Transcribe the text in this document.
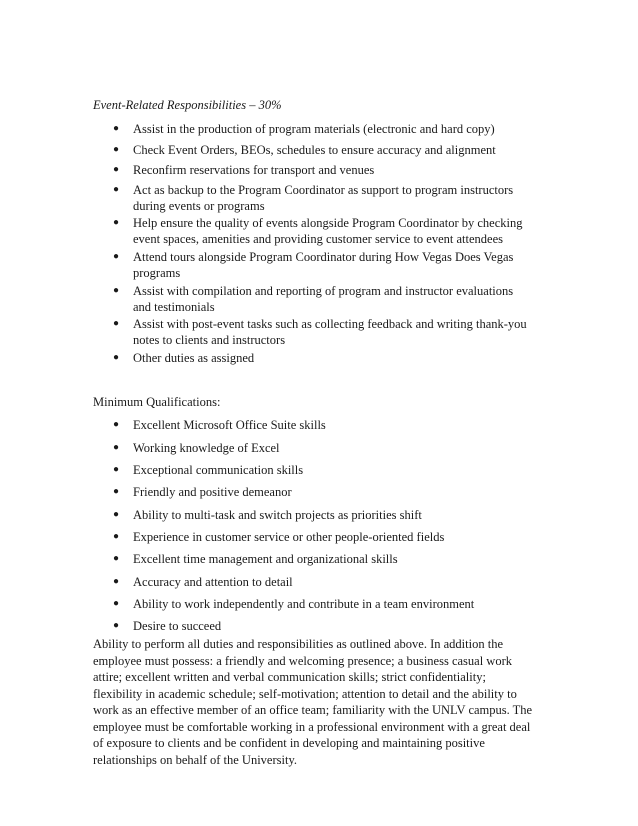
Event-Related Responsibilities – 30%
● Assist in the production of program materials (electronic and hard copy)
● Check Event Orders, BEOs, schedules to ensure accuracy and alignment
● Reconfirm reservations for transport and venues
● Act as backup to the Program Coordinator as support to program instructors during events or programs
● Help ensure the quality of events alongside Program Coordinator by checking event spaces, amenities and providing customer service to event attendees
● Attend tours alongside Program Coordinator during How Vegas Does Vegas programs
● Assist with compilation and reporting of program and instructor evaluations and testimonials
● Assist with post-event tasks such as collecting feedback and writing thank-you notes to clients and instructors
● Other duties as assigned
Minimum Qualifications:
● Excellent Microsoft Office Suite skills
● Working knowledge of Excel
● Exceptional communication skills
● Friendly and positive demeanor
● Ability to multi-task and switch projects as priorities shift
● Experience in customer service or other people-oriented fields
● Excellent time management and organizational skills
● Accuracy and attention to detail
● Ability to work independently and contribute in a team environment
● Desire to succeed

Ability to perform all duties and responsibilities as outlined above. In addition the employee must possess: a friendly and welcoming presence; a business casual work attire; excellent written and verbal communication skills; strict confidentiality; flexibility in academic schedule; self-motivation; attention to detail and the ability to work as an effective member of an office team; familiarity with the UNLV campus. The employee must be comfortable working in a professional environment with a great deal of exposure to clients and be confident in developing and maintaining positive relationships on behalf of the University.
